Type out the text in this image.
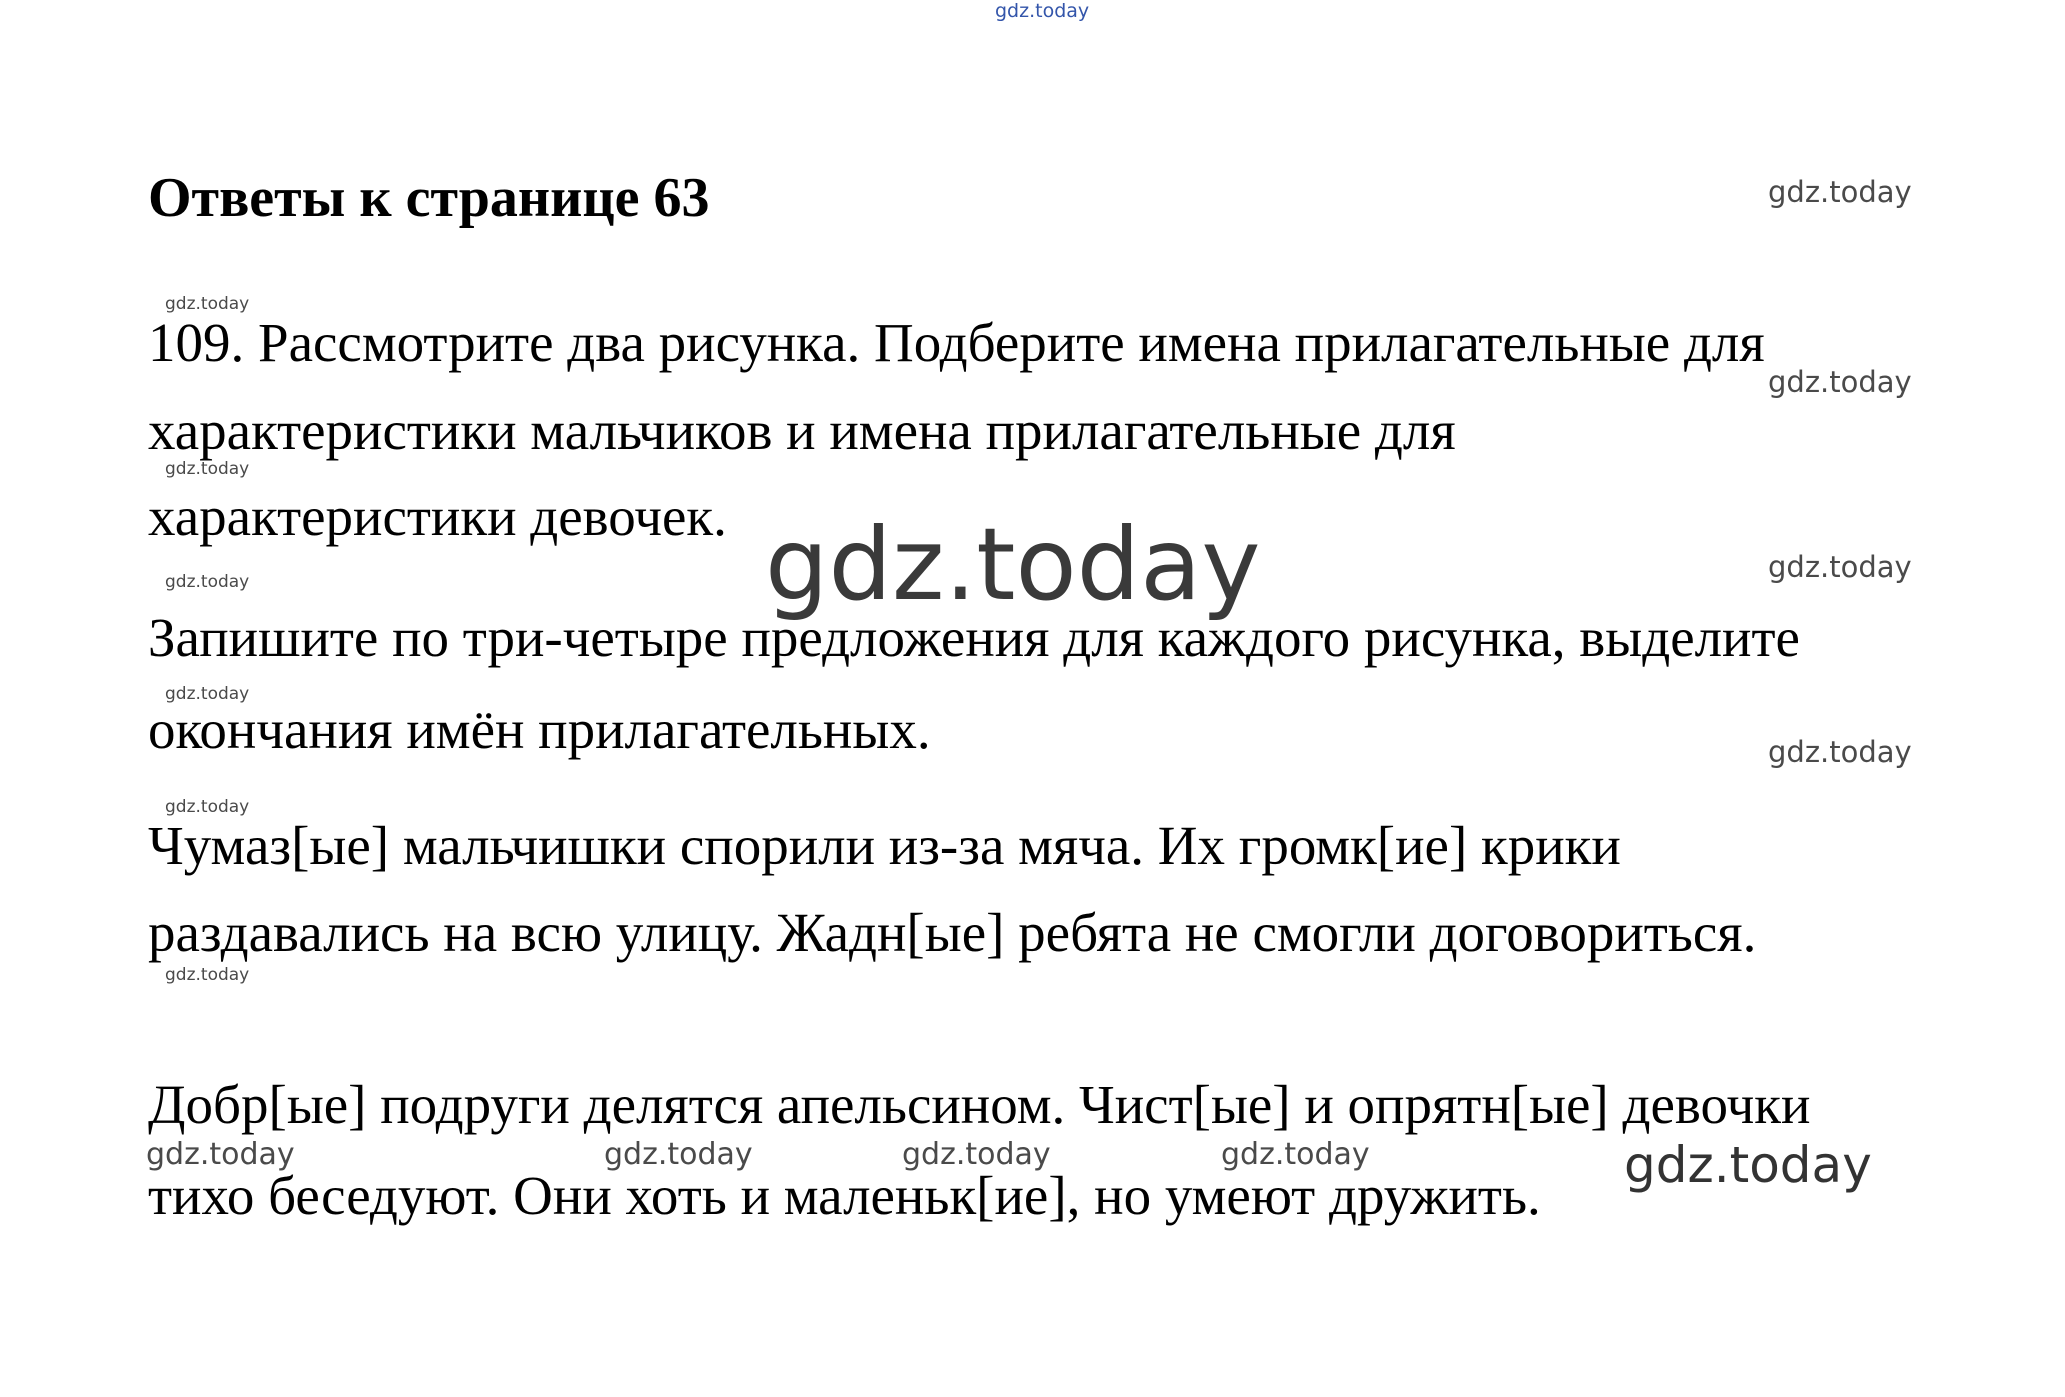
gdz.today
Ответы к странице 63	gdz.today
gdz.today
109. Рассмотрите два рисунка. Подберите имена прилагательные для
gdz.today
характеристики мальчиков и имена прилагательные для
gdz.today
характеристики девочек. gdz.today	gdz.today
gdz.today
Запишите по три-четыре предложения для каждого рисунка, выделите
gdz.today
окончания имён прилагательных.	gdz.today
gdz.today
Чумаз[ые] мальчишки спорили из-за мяча. Их громк[ие] крики
раздавались на всю улицу. Жадн[ые] ребята не смогли договориться.
gdz.today
Добр[ые] подруги делятся апельсином. Чист[ые] и опрятн[ые] девочки
gdz.today	gdz.today	gdz.today	gdz.today	gdz.today
тихо беседуют. Они хоть и маленьк[ие], но умеют дружить.
